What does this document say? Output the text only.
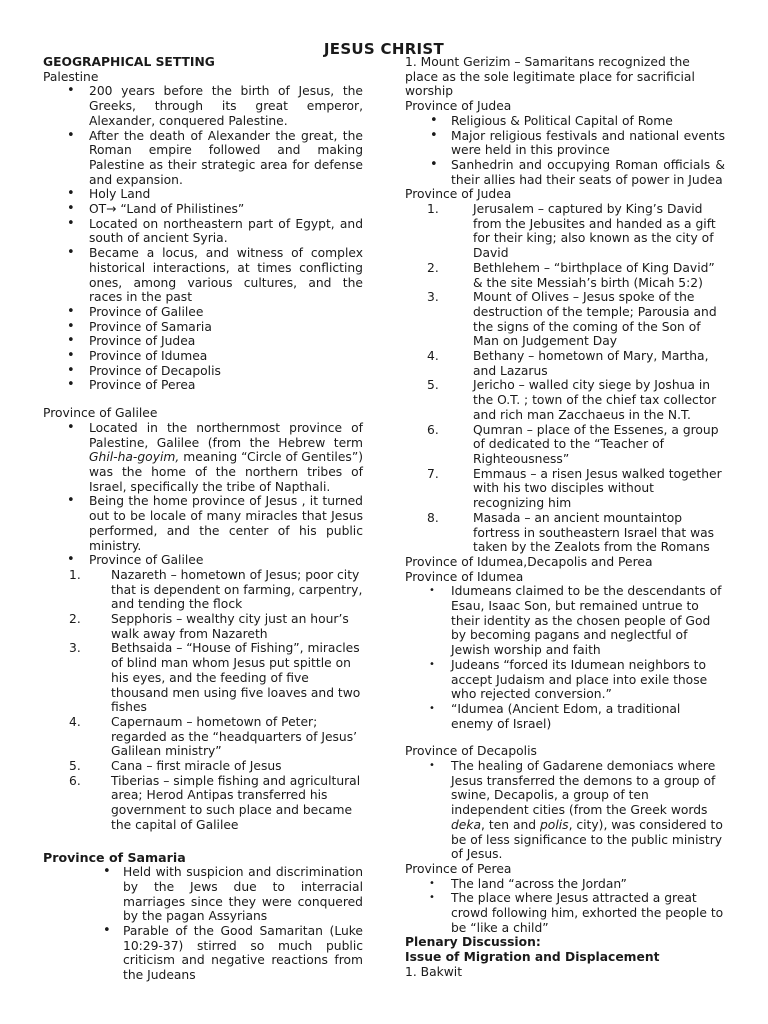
JESUS CHRIST

GEOGRAPHICAL SETTING

Palestine

• 200 years before the birth of Jesus, the Greeks, through its great emperor, Alexander, conquered Palestine.
• After the death of Alexander the great, the Roman empire followed and making Palestine as their strategic area for defense and expansion.
• Holy Land
• OT→ “Land of Philistines”
• Located on northeastern part of Egypt, and south of ancient Syria.
• Became a locus, and witness of complex historical interactions, at times conflicting ones, among various cultures, and the races in the past
• Province of Galilee
• Province of Samaria
• Province of Judea
• Province of Idumea
• Province of Decapolis
• Province of Perea

Province of Galilee

• Located in the northernmost province of Palestine, Galilee (from the Hebrew term Ghil-ha-goyim, meaning “Circle of Gentiles”) was the home of the northern tribes of Israel, specifically the tribe of Napthali.
• Being the home province of Jesus , it turned out to be locale of many miracles that Jesus performed, and the center of his public ministry.
• Province of Galilee
1. Nazareth – hometown of Jesus; poor city that is dependent on farming, carpentry, and tending the flock
2. Sepphoris – wealthy city just an hour’s walk away from Nazareth
3. Bethsaida – “House of Fishing”, miracles of blind man whom Jesus put spittle on his eyes, and the feeding of five thousand men using five loaves and two fishes
4. Capernaum – hometown of Peter; regarded as the “headquarters of Jesus’ Galilean ministry”
5. Cana – first miracle of Jesus
6. Tiberias – simple fishing and agricultural area; Herod Antipas transferred his government to such place and became the capital of Galilee

Province of Samaria

• Held with suspicion and discrimination by the Jews due to interracial marriages since they were conquered by the pagan Assyrians
• Parable of the Good Samaritan (Luke 10:29-37) stirred so much public criticism and negative reactions from the Judeans

1. Mount Gerizim – Samaritans recognized the place as the sole legitimate place for sacrificial worship

Province of Judea

• Religious & Political Capital of Rome
• Major religious festivals and national events were held in this province
• Sanhedrin and occupying Roman officials & their allies had their seats of power in Judea

Province of Judea

1.	Jerusalem – captured by King’s David from the Jebusites and handed as a gift for their king; also known as the city of David
2.	Bethlehem – “birthplace of King David” & the site Messiah’s birth (Micah 5:2)
3.	Mount of Olives – Jesus spoke of the destruction of the temple; Parousia and the signs of the coming of the Son of Man on Judgement Day
4.	Bethany – hometown of Mary, Martha, and Lazarus
5.	Jericho – walled city siege by Joshua in the O.T. ; town of the chief tax collector and rich man Zacchaeus in the N.T.
6.	Qumran – place of the Essenes, a group of dedicated to the “Teacher of Righteousness”
7.	Emmaus – a risen Jesus walked together with his two disciples without recognizing him
8.	Masada – an ancient mountaintop fortress in southeastern Israel that was taken by the Zealots from the Romans

Province of Idumea,Decapolis and Perea

Province of Idumea

• Idumeans claimed to be the descendants of Esau, Isaac Son, but remained untrue to their identity as the chosen people of God by becoming pagans and neglectful of Jewish worship and faith
• Judeans “forced its Idumean neighbors to accept Judaism and place into exile those who rejected conversion.”
• “Idumea (Ancient Edom, a traditional enemy of Israel)

Province of Decapolis

• The healing of Gadarene demoniacs where Jesus transferred the demons to a group of swine, Decapolis, a group of ten independent cities (from the Greek words deka, ten and polis, city), was considered to be of less significance to the public ministry of Jesus.

Province of Perea

• The land “across the Jordan”
• The place where Jesus attracted a great crowd following him, exhorted the people to be “like a child”

Plenary Discussion:

Issue of Migration and Displacement

1. Bakwit
